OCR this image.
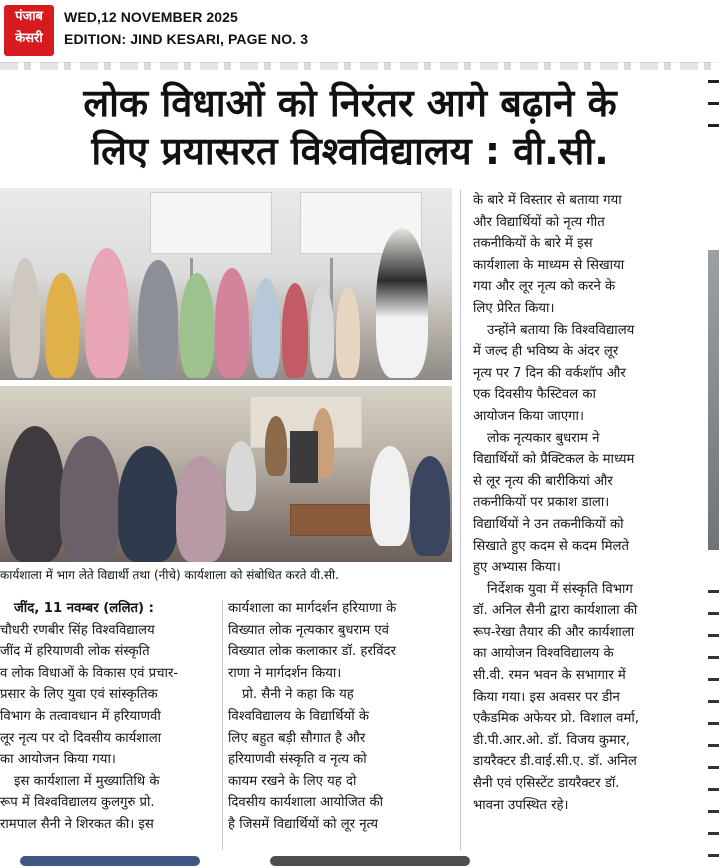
पंजाब
केसरी
WED,12 NOVEMBER 2025
EDITION: JIND KESARI, PAGE NO. 3
लोक विधाओं को निरंतर आगे बढ़ाने के
लिए प्रयासरत विश्वविद्यालय : वी.सी.
कार्यशाला में भाग लेते विद्यार्थी तथा (नीचे) कार्यशाला को संबोधित करते वी.सी.

जींद, 11 नवम्बर (ललित) :

चौधरी रणबीर सिंह विश्वविद्यालय

जींद में हरियाणवी लोक संस्कृति

व लोक विधाओं के विकास एवं प्रचार-

प्रसार के लिए युवा एवं सांस्कृतिक

विभाग के तत्वावधान में हरियाणवी

लूर नृत्य पर दो दिवसीय कार्यशाला

का आयोजन किया गया।

इस कार्यशाला में मुख्यातिथि के

रूप में विश्वविद्यालय कुलगुरु प्रो.

रामपाल सैनी ने शिरकत की। इस

कार्यशाला का मार्गदर्शन हरियाणा के

विख्यात लोक नृत्यकार बुधराम एवं

विख्यात लोक कलाकार डॉ. हरविंदर

राणा ने मार्गदर्शन किया।

प्रो. सैनी ने कहा कि यह

विश्वविद्यालय के विद्यार्थियों के

लिए बहुत बड़ी सौगात है और

हरियाणवी संस्कृति व नृत्य को

कायम रखने के लिए यह दो

दिवसीय कार्यशाला आयोजित की

है जिसमें विद्यार्थियों को लूर नृत्य

के बारे में विस्तार से बताया गया

और विद्यार्थियों को नृत्य गीत

तकनीकियों के बारे में इस

कार्यशाला के माध्यम से सिखाया

गया और लूर नृत्य को करने के

लिए प्रेरित किया।

उन्होंने बताया कि विश्वविद्यालय

में जल्द ही भविष्य के अंदर लूर

नृत्य पर 7 दिन की वर्कशॉप और

एक दिवसीय फैस्टिवल का

आयोजन किया जाएगा।

लोक नृत्यकार बुधराम ने

विद्यार्थियों को प्रैक्टिकल के माध्यम

से लूर नृत्य की बारीकियां और

तकनीकियों पर प्रकाश डाला।

विद्यार्थियों ने उन तकनीकियों को

सिखाते हुए कदम से कदम मिलते

हुए अभ्यास किया।

निर्देशक युवा में संस्कृति विभाग

डॉ. अनिल सैनी द्वारा कार्यशाला की

रूप-रेखा तैयार की और कार्यशाला

का आयोजन विश्वविद्यालय के

सी.वी. रमन भवन के सभागार में

किया गया। इस अवसर पर डीन

एकैडमिक अफेयर प्रो. विशाल वर्मा,

डी.पी.आर.ओ. डॉ. विजय कुमार,

डायरैक्टर डी.वाई.सी.ए. डॉ. अनिल

सैनी एवं एसिस्टेंट डायरैक्टर डॉ.

भावना उपस्थित रहे।
